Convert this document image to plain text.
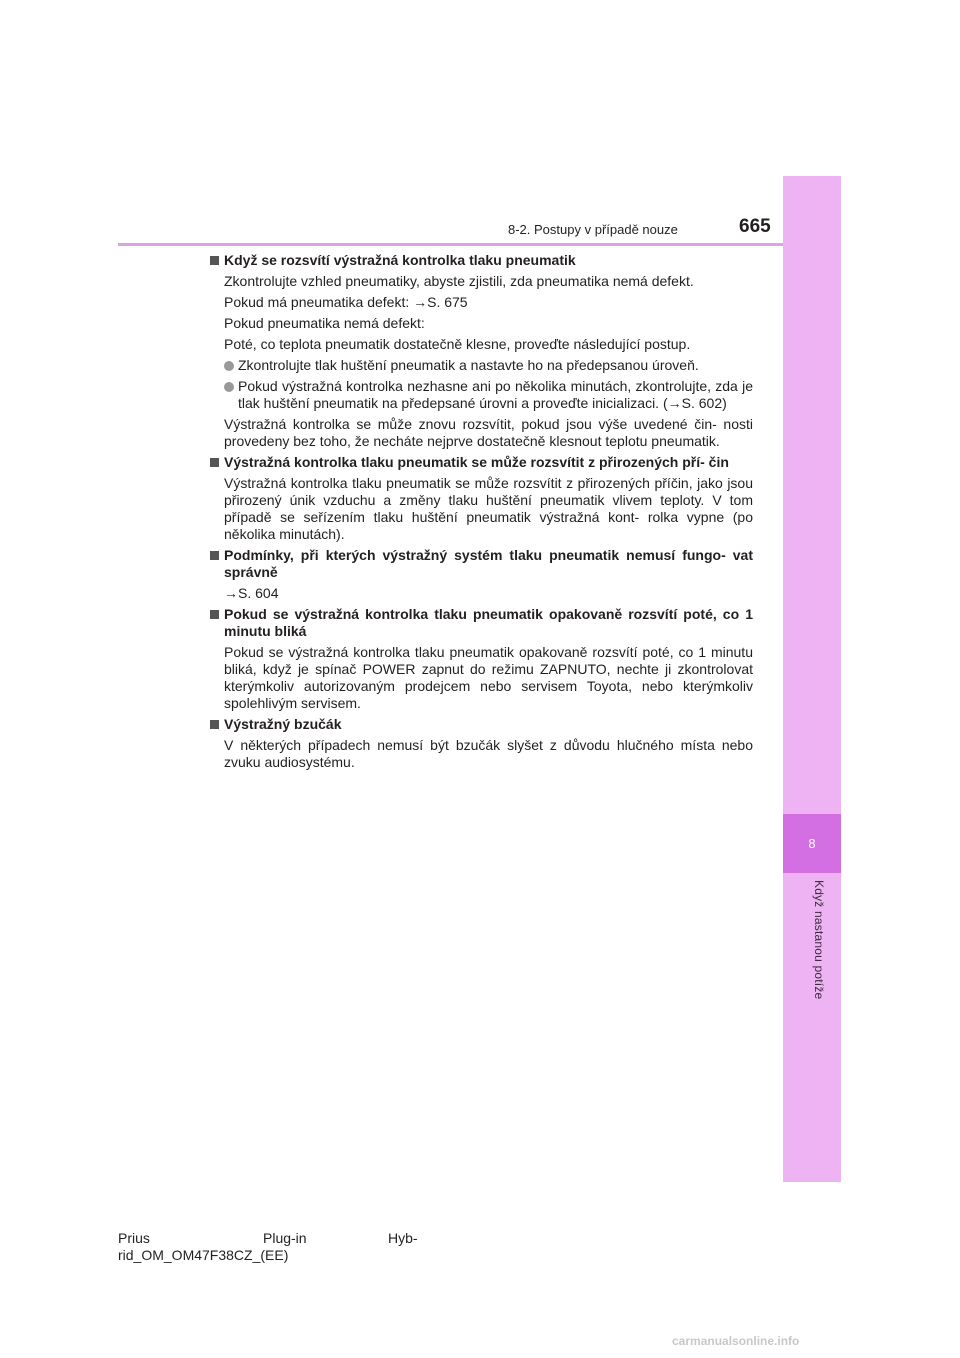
8
Když nastanou potíže
8-2. Postupy v případě nouze	665
Když se rozsvítí výstražná kontrolka tlaku pneumatik
Zkontrolujte vzhled pneumatiky, abyste zjistili, zda pneumatika nemá defekt.
Pokud má pneumatika defekt: →S. 675
Pokud pneumatika nemá defekt:
Poté, co teplota pneumatik dostatečně klesne, proveďte následující postup.
Zkontrolujte tlak huštění pneumatik a nastavte ho na předepsanou úroveň.
Pokud výstražná kontrolka nezhasne ani po několika minutách, zkontrolujte, zda je tlak huštění pneumatik na předepsané úrovni a proveďte inicializaci. (→S. 602)
Výstražná kontrolka se může znovu rozsvítit, pokud jsou výše uvedené čin- nosti provedeny bez toho, že necháte nejprve dostatečně klesnout teplotu pneumatik.
Výstražná kontrolka tlaku pneumatik se může rozsvítit z přirozených pří- čin
Výstražná kontrolka tlaku pneumatik se může rozsvítit z přirozených příčin, jako jsou přirozený únik vzduchu a změny tlaku huštění pneumatik vlivem teploty. V tom případě se seřízením tlaku huštění pneumatik výstražná kont- rolka vypne (po několika minutách).
Podmínky, při kterých výstražný systém tlaku pneumatik nemusí fungo- vat správně
→S. 604
Pokud se výstražná kontrolka tlaku pneumatik opakovaně rozsvítí poté, co 1 minutu bliká
Pokud se výstražná kontrolka tlaku pneumatik opakovaně rozsvítí poté, co 1 minutu bliká, když je spínač POWER zapnut do režimu ZAPNUTO, nechte ji zkontrolovat kterýmkoliv autorizovaným prodejcem nebo servisem Toyota, nebo kterýmkoliv spolehlivým servisem.
Výstražný bzučák
V některých případech nemusí být bzučák slyšet z důvodu hlučného místa nebo zvuku audiosystému.
Prius	Plug-in	Hyb-
rid_OM_OM47F38CZ_(EE)
carmanualsonline.info
